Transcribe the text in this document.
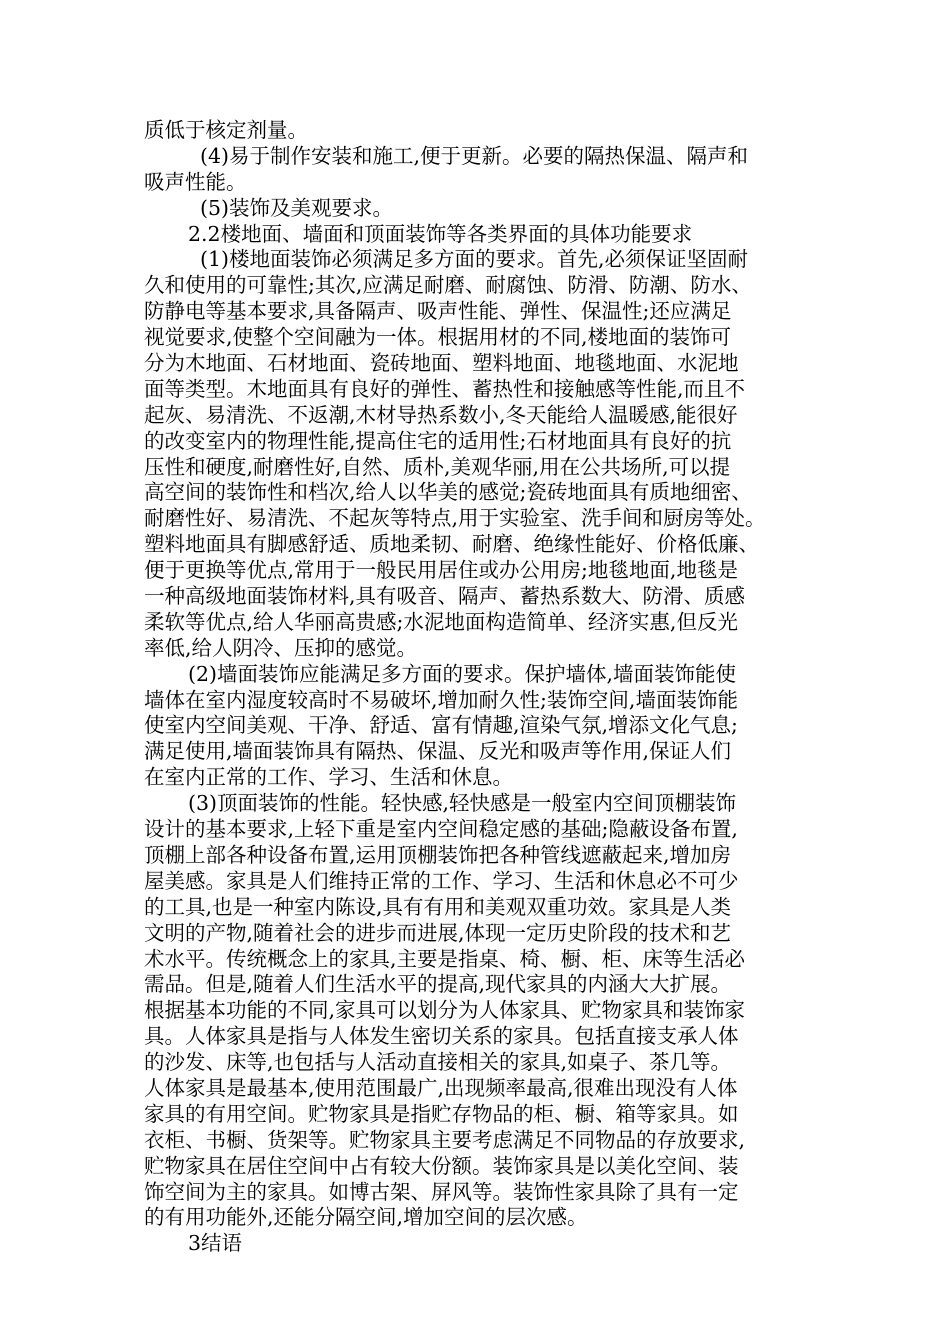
质低于核定剂量。
(4)易于制作安装和施工,便于更新。必要的隔热保温、隔声和
吸声性能。
(5)装饰及美观要求。
2.2楼地面、墙面和顶面装饰等各类界面的具体功能要求
(1)楼地面装饰必须满足多方面的要求。首先,必须保证坚固耐
久和使用的可靠性;其次,应满足耐磨、耐腐蚀、防滑、防潮、防水、
防静电等基本要求,具备隔声、吸声性能、弹性、保温性;还应满足
视觉要求,使整个空间融为一体。根据用材的不同,楼地面的装饰可
分为木地面、石材地面、瓷砖地面、塑料地面、地毯地面、水泥地
面等类型。木地面具有良好的弹性、蓄热性和接触感等性能,而且不
起灰、易清洗、不返潮,木材导热系数小,冬天能给人温暖感,能很好
的改变室内的物理性能,提高住宅的适用性;石材地面具有良好的抗
压性和硬度,耐磨性好,自然、质朴,美观华丽,用在公共场所,可以提
高空间的装饰性和档次,给人以华美的感觉;瓷砖地面具有质地细密、
耐磨性好、易清洗、不起灰等特点,用于实验室、洗手间和厨房等处。
塑料地面具有脚感舒适、质地柔韧、耐磨、绝缘性能好、价格低廉、
便于更换等优点,常用于一般民用居住或办公用房;地毯地面,地毯是
一种高级地面装饰材料,具有吸音、隔声、蓄热系数大、防滑、质感
柔软等优点,给人华丽高贵感;水泥地面构造简单、经济实惠,但反光
率低,给人阴冷、压抑的感觉。
(2)墙面装饰应能满足多方面的要求。保护墙体,墙面装饰能使
墙体在室内湿度较高时不易破坏,增加耐久性;装饰空间,墙面装饰能
使室内空间美观、干净、舒适、富有情趣,渲染气氛,增添文化气息;
满足使用,墙面装饰具有隔热、保温、反光和吸声等作用,保证人们
在室内正常的工作、学习、生活和休息。
(3)顶面装饰的性能。轻快感,轻快感是一般室内空间顶棚装饰
设计的基本要求,上轻下重是室内空间稳定感的基础;隐蔽设备布置,
顶棚上部各种设备布置,运用顶棚装饰把各种管线遮蔽起来,增加房
屋美感。家具是人们维持正常的工作、学习、生活和休息必不可少
的工具,也是一种室内陈设,具有有用和美观双重功效。家具是人类
文明的产物,随着社会的进步而进展,体现一定历史阶段的技术和艺
术水平。传统概念上的家具,主要是指桌、椅、橱、柜、床等生活必
需品。但是,随着人们生活水平的提高,现代家具的内涵大大扩展。
根据基本功能的不同,家具可以划分为人体家具、贮物家具和装饰家
具。人体家具是指与人体发生密切关系的家具。包括直接支承人体
的沙发、床等,也包括与人活动直接相关的家具,如桌子、茶几等。
人体家具是最基本,使用范围最广,出现频率最高,很难出现没有人体
家具的有用空间。贮物家具是指贮存物品的柜、橱、箱等家具。如
衣柜、书橱、货架等。贮物家具主要考虑满足不同物品的存放要求,
贮物家具在居住空间中占有较大份额。装饰家具是以美化空间、装
饰空间为主的家具。如博古架、屏风等。装饰性家具除了具有一定
的有用功能外,还能分隔空间,增加空间的层次感。
3结语
